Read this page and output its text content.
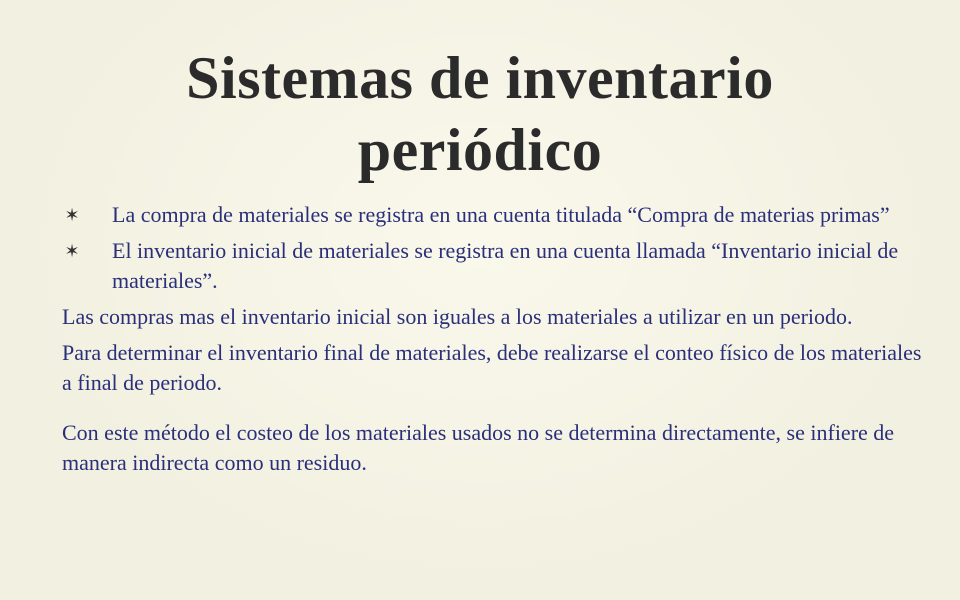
Sistemas de inventario
periódico
✶ La compra de materiales se registra en una cuenta titulada “Compra de materias primas”
✶ El inventario inicial de materiales se registra en una cuenta llamada “Inventario inicial de materiales”.

Las compras mas el inventario inicial son iguales a los materiales a utilizar en un periodo.

Para determinar el inventario final de materiales, debe realizarse el conteo físico de los materiales a final de periodo.

Con este método el costeo de los materiales usados no se determina directamente, se infiere de manera indirecta como un residuo.
